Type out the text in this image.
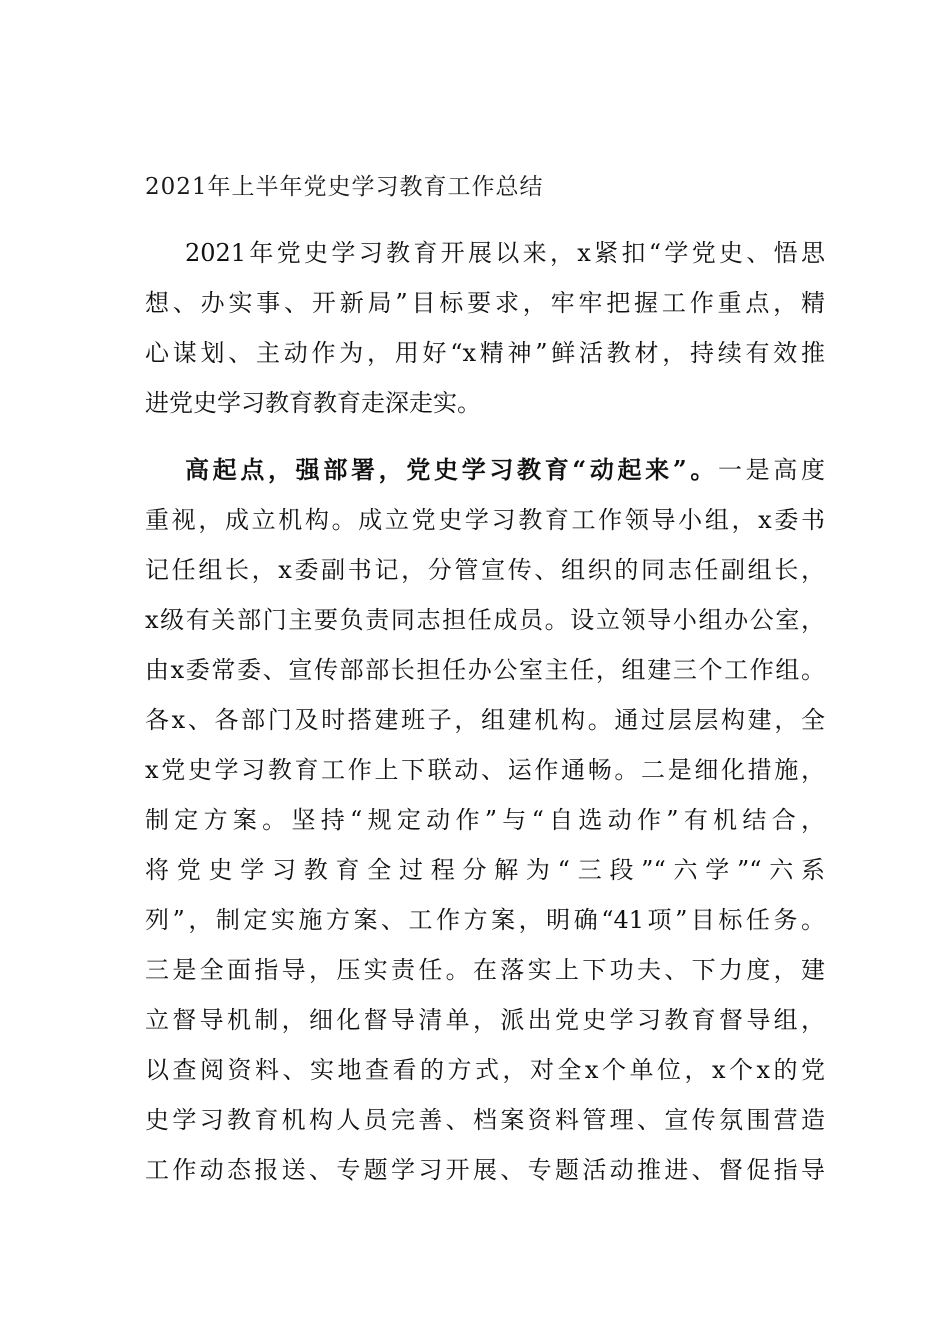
2021年上半年党史学习教育工作总结
2021年党史学习教育开展以来，x紧扣“学党史、悟思
想、办实事、开新局”目标要求，牢牢把握工作重点，精
心谋划、主动作为，用好“x精神”鲜活教材，持续有效推
进党史学习教育教育走深走实。
高起点，强部署，党史学习教育“动起来”。一是高度
重视，成立机构。成立党史学习教育工作领导小组，x委书
记任组长，x委副书记，分管宣传、组织的同志任副组长，
x级有关部门主要负责同志担任成员。设立领导小组办公室，
由x委常委、宣传部部长担任办公室主任，组建三个工作组。
各x、各部门及时搭建班子，组建机构。通过层层构建，全
x党史学习教育工作上下联动、运作通畅。二是细化措施，
制定方案。坚持“规定动作”与“自选动作”有机结合，
将党史学习教育全过程分解为“三段”“六学”“六系
列”，制定实施方案、工作方案，明确“41项”目标任务。
三是全面指导，压实责任。在落实上下功夫、下力度，建
立督导机制，细化督导清单，派出党史学习教育督导组，
以查阅资料、实地查看的方式，对全x个单位，x个x的党
史学习教育机构人员完善、档案资料管理、宣传氛围营造
工作动态报送、专题学习开展、专题活动推进、督促指导
